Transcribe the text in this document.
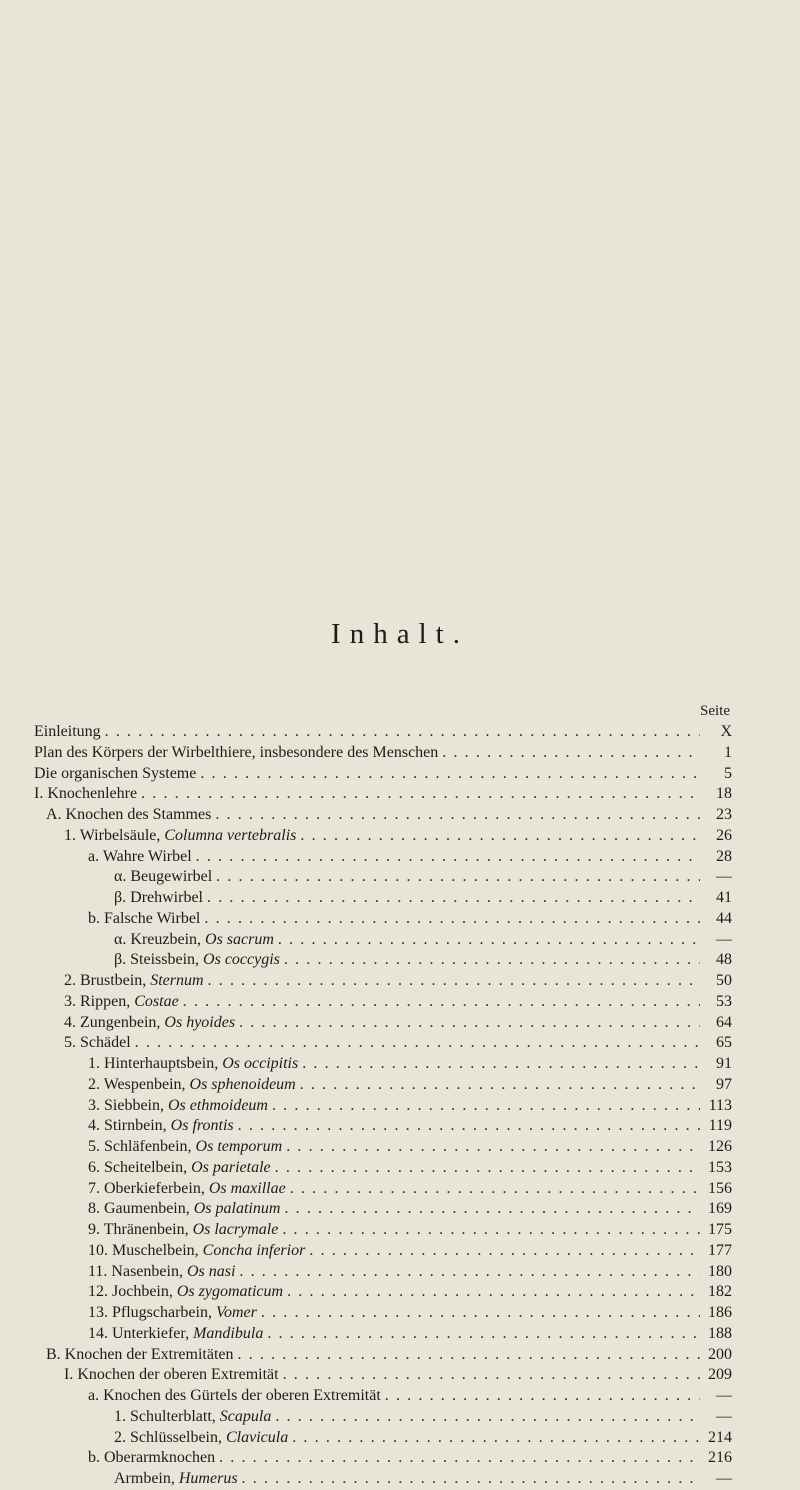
Inhalt.
Seite
Einleitung . . .	X
Plan des Körpers der Wirbelthiere, insbesondere des Menschen . . .	1
Die organischen Systeme . . .	5
I. Knochenlehre . . .	18
A. Knochen des Stammes . . .	23
1. Wirbelsäule, Columna vertebralis . . .	26
a. Wahre Wirbel . . .	28
α. Beugewirbel . . .	—
β. Drehwirbel . . .	41
b. Falsche Wirbel . . .	44
α. Kreuzbein, Os sacrum . . .	—
β. Steissbein, Os coccygis . . .	48
2. Brustbein, Sternum . . .	50
3. Rippen, Costae . . .	53
4. Zungenbein, Os hyoides . . .	64
5. Schädel . . .	65
1. Hinterhauptsbein, Os occipitis . . .	91
2. Wespenbein, Os sphenoideum . . .	97
3. Siebbein, Os ethmoideum . . .	113
4. Stirnbein, Os frontis . . .	119
5. Schläfenbein, Os temporum . . .	126
6. Scheitelbein, Os parietale . . .	153
7. Oberkieferbein, Os maxillae . . .	156
8. Gaumenbein, Os palatinum . . .	169
9. Thränenbein, Os lacrymale . . .	175
10. Muschelbein, Concha inferior . . .	177
11. Nasenbein, Os nasi . . .	180
12. Jochbein, Os zygomaticum . . .	182
13. Pflugscharbein, Vomer . . .	186
14. Unterkiefer, Mandibula . . .	188
B. Knochen der Extremitäten . . .	200
I. Knochen der oberen Extremität . . .	209
a. Knochen des Gürtels der oberen Extremität . . .	—
1. Schulterblatt, Scapula . . .	—
2. Schlüsselbein, Clavicula . . .	214
b. Oberarmknochen . . .	216
Armbein, Humerus . . .	—
